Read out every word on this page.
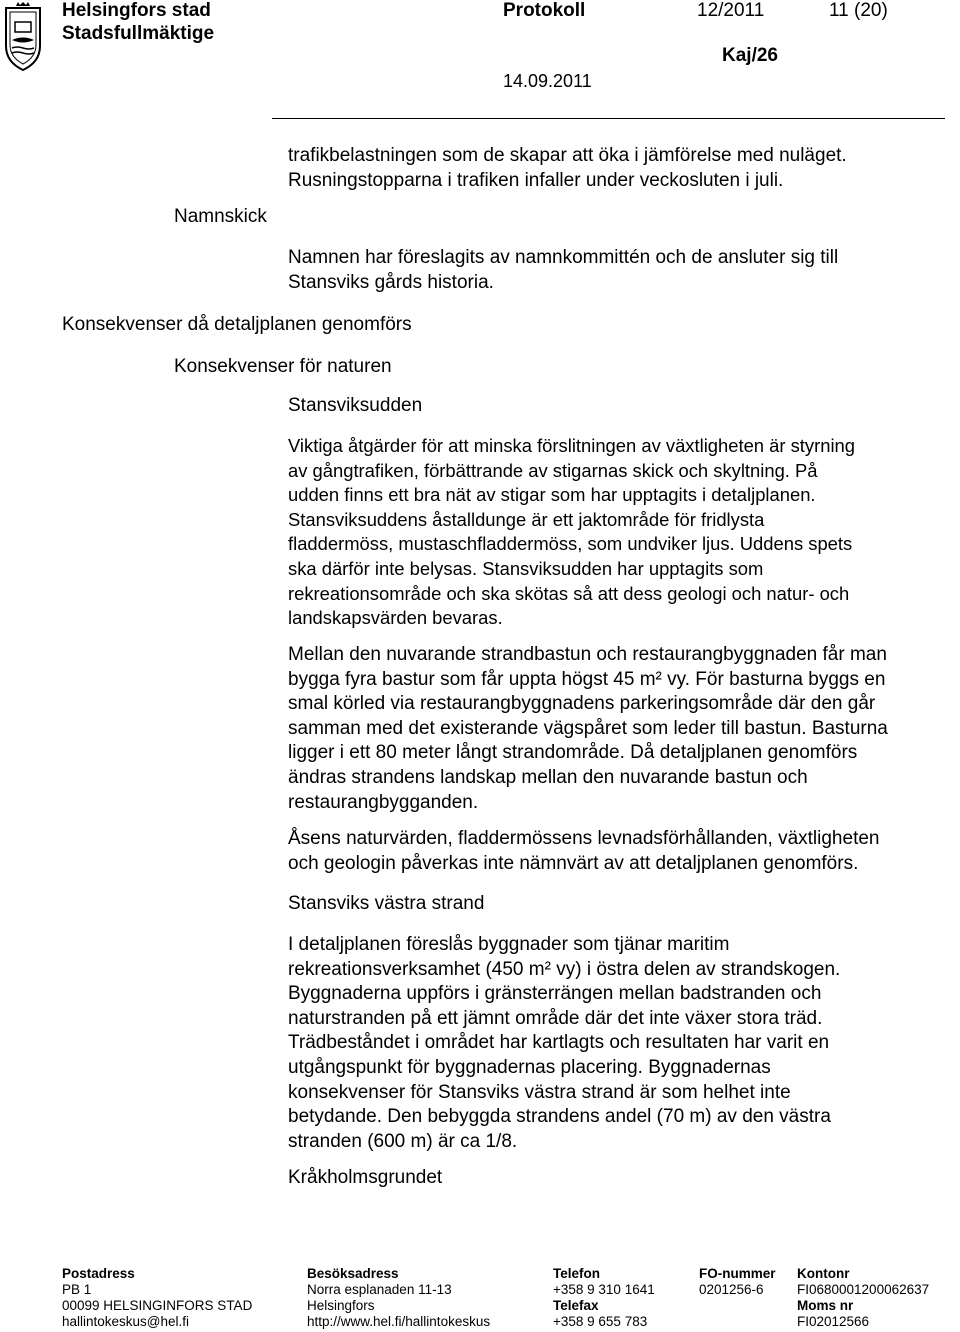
Helsingfors stad
Stadsfullmäktige
Protokoll	12/2011	11 (20)
Kaj/26
14.09.2011
Namnskick
Konsekvenser då detaljplanen genomförs
Konsekvenser för naturen
trafikbelastningen som de skapar att öka i jämförelse med nuläget. Rusningstopparna i trafiken infaller under veckosluten i juli.

Namnen har föreslagits av namnkommittén och de ansluter sig till

Stansviks gårds historia.

Stansviksudden

Viktiga åtgärder för att minska förslitningen av växtligheten är styrning

av gångtrafiken, förbättrande av stigarnas skick och skyltning. På

udden finns ett bra nät av stigar som har upptagits i detaljplanen.

Stansviksuddens åstalldunge är ett jaktområde för fridlysta

fladdermöss, mustaschfladdermöss, som undviker ljus. Uddens spets

ska därför inte belysas. Stansviksudden har upptagits som

rekreationsområde och ska skötas så att dess geologi och natur- och

landskapsvärden bevaras.

Mellan den nuvarande strandbastun och restaurangbyggnaden får man

bygga fyra bastur som får uppta högst 45 m² vy. För basturna byggs en

smal körled via restaurangbyggnadens parkeringsområde där den går

samman med det existerande vägspåret som leder till bastun. Basturna

ligger i ett 80 meter långt strandområde. Då detaljplanen genomförs

ändras strandens landskap mellan den nuvarande bastun och

restaurangbygganden.

Åsens naturvärden, fladdermössens levnadsförhållanden, växtligheten

och geologin påverkas inte nämnvärt av att detaljplanen genomförs.

Stansviks västra strand

I detaljplanen föreslås byggnader som tjänar maritim

rekreationsverksamhet (450 m² vy) i östra delen av strandskogen.

Byggnaderna uppförs i gränsterrängen mellan badstranden och

naturstranden på ett jämnt område där det inte växer stora träd.

Trädbeståndet i området har kartlagts och resultaten har varit en

utgångspunkt för byggnadernas placering. Byggnadernas

konsekvenser för Stansviks västra strand är som helhet inte

betydande. Den bebyggda strandens andel (70 m) av den västra

stranden (600 m) är ca 1/8.

Kråkholmsgrundet
Postadress
PB 1
00099 HELSINGINFORS STAD
hallintokeskus@hel.fi
Besöksadress
Norra esplanaden 11-13
Helsingfors
http://www.hel.fi/hallintokeskus
Telefon
+358 9 310 1641
Telefax
+358 9 655 783
FO-nummer
0201256-6
Kontonr
FI0680001200062637
Moms nr
FI02012566
